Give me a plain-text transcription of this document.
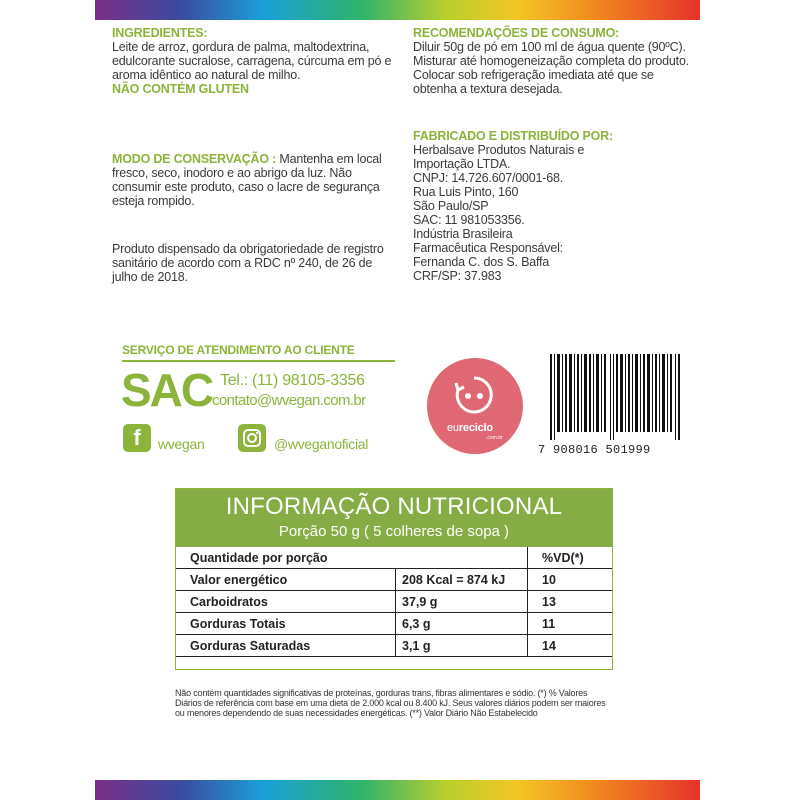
INGREDIENTES:
Leite de arroz, gordura de palma, maltodextrina, edulcorante sucralose, carragena, cúrcuma em pó e aroma idêntico ao natural de milho.
NÃO CONTÉM GLUTEN
MODO DE CONSERVAÇÃO : Mantenha em local fresco, seco, inodoro e ao abrigo da luz. Não consumir este produto, caso o lacre de segurança esteja rompido.
Produto dispensado da obrigatoriedade de registro sanitário de acordo com a RDC nº 240, de 26 de julho de 2018.
RECOMENDAÇÕES DE CONSUMO:
Diluir 50g de pó em 100 ml de água quente (90ºC). Misturar até homogeneização completa do produto. Colocar sob refrigeração imediata até que se obtenha a textura desejada.
FABRICADO E DISTRIBUÍDO POR:
Herbalsave Produtos Naturais e
Importação LTDA.
CNPJ: 14.726.607/0001-68.
Rua Luis Pinto, 160
São Paulo/SP
SAC: 11 981053356.
Indústria Brasileira
Farmacêutica Responsável:
Fernanda C. dos S. Baffa
CRF/SP: 37.983
SERVIÇO DE ATENDIMENTO AO CLIENTE
SAC Tel.: (11) 98105-3356
contato@wvegan.com.br
f	wvegan	@wveganoficial
eureciclo
.com.br
7 908016 501999
INFORMAÇÃO NUTRICIONAL
Porção 50 g ( 5 colheres de sopa )
Quantidade por porção		%VD(*)
Valor energético	208 Kcal = 874 kJ	10
Carboidratos	37,9 g	13
Gorduras Totais	6,3 g	11
Gorduras Saturadas	3,1 g	14
Não contém quantidades significativas de proteínas, gorduras trans, fibras alimentares e sódio. (*) % Valores Diários de referência com base em uma dieta de 2.000 kcal ou 8.400 kJ. Seus valores diários podem ser maiores ou menores dependendo de suas necessidades energéticas. (**) Valor Diário Não Estabelecido
